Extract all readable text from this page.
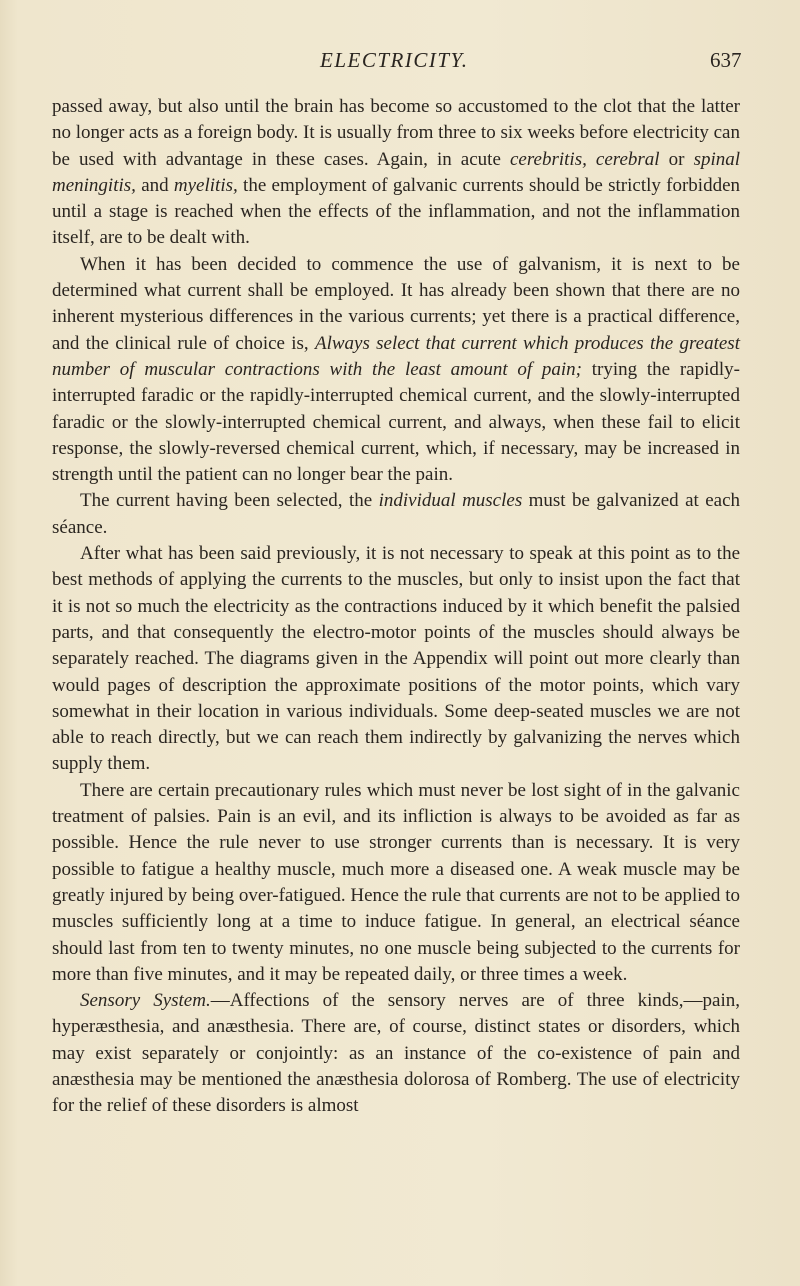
ELECTRICITY.	637

passed away, but also until the brain has become so accustomed to the clot that the latter no longer acts as a foreign body. It is usually from three to six weeks before electricity can be used with advantage in these cases. Again, in acute cerebritis, cerebral or spinal meningitis, and myelitis, the employment of galvanic currents should be strictly forbidden until a stage is reached when the effects of the inflammation, and not the inflammation itself, are to be dealt with.

When it has been decided to commence the use of galvanism, it is next to be determined what current shall be employed. It has already been shown that there are no inherent mysterious differences in the various currents; yet there is a practical difference, and the clinical rule of choice is, Always select that current which produces the greatest number of muscular contractions with the least amount of pain; trying the rapidly-interrupted faradic or the rapidly-interrupted chemical current, and the slowly-interrupted faradic or the slowly-interrupted chemical current, and always, when these fail to elicit response, the slowly-reversed chemical current, which, if necessary, may be increased in strength until the patient can no longer bear the pain.

The current having been selected, the individual muscles must be galvanized at each séance.

After what has been said previously, it is not necessary to speak at this point as to the best methods of applying the currents to the muscles, but only to insist upon the fact that it is not so much the electricity as the contractions induced by it which benefit the palsied parts, and that consequently the electro-motor points of the muscles should always be separately reached. The diagrams given in the Appendix will point out more clearly than would pages of description the approximate positions of the motor points, which vary somewhat in their location in various individuals. Some deep-seated muscles we are not able to reach directly, but we can reach them indirectly by galvanizing the nerves which supply them.

There are certain precautionary rules which must never be lost sight of in the galvanic treatment of palsies. Pain is an evil, and its infliction is always to be avoided as far as possible. Hence the rule never to use stronger currents than is necessary. It is very possible to fatigue a healthy muscle, much more a diseased one. A weak muscle may be greatly injured by being over-fatigued. Hence the rule that currents are not to be applied to muscles sufficiently long at a time to induce fatigue. In general, an electrical séance should last from ten to twenty minutes, no one muscle being subjected to the currents for more than five minutes, and it may be repeated daily, or three times a week.

Sensory System.—Affections of the sensory nerves are of three kinds,—pain, hyperæsthesia, and anæsthesia. There are, of course, distinct states or disorders, which may exist separately or conjointly: as an instance of the co-existence of pain and anæsthesia may be mentioned the anæsthesia dolorosa of Romberg. The use of electricity for the relief of these disorders is almost
